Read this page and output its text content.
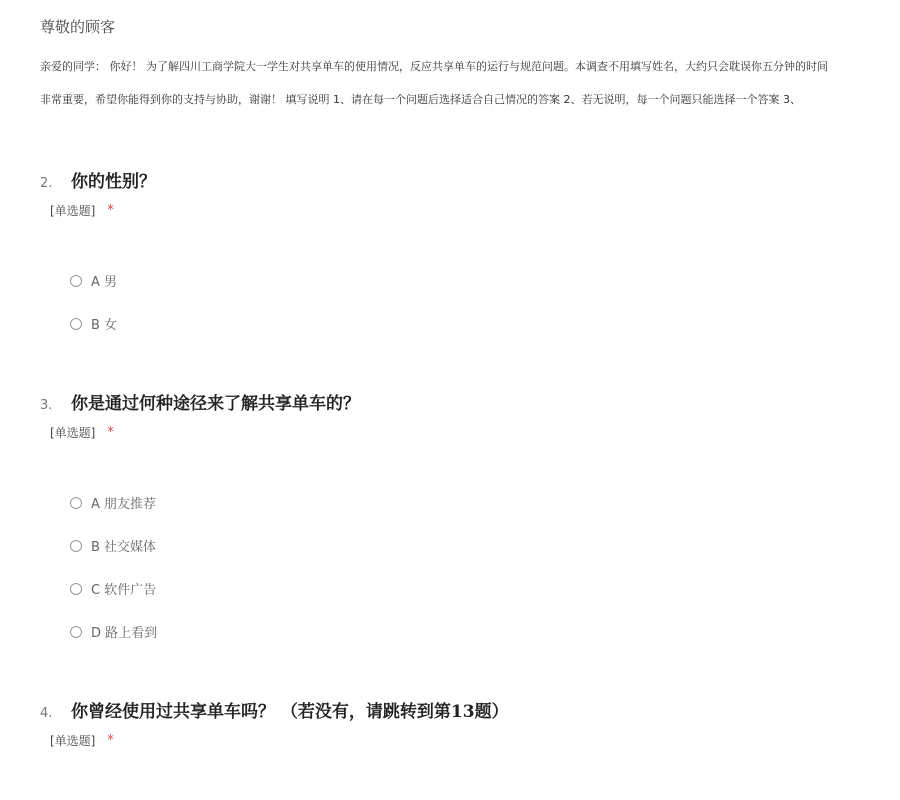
尊敬的顾客
亲爱的同学： 你好！ 为了解四川工商学院大一学生对共享单车的使用情况，反应共享单车的运行与规范问题。本调查不用填写姓名，大约只会耽误你五分钟的时间
非常重要，希望你能得到你的支持与协助，谢谢！ 填写说明 1、请在每一个问题后选择适合自己情况的答案 2、若无说明，每一个问题只能选择一个答案 3、
2.	你的性别？
[单选题] *
A 男
B 女
3.	你是通过何种途径来了解共享单车的？
[单选题] *
A 朋友推荐
B 社交媒体
C 软件广告
D 路上看到
4.	你曾经使用过共享单车吗？ （若没有，请跳转到第13题）
[单选题] *
